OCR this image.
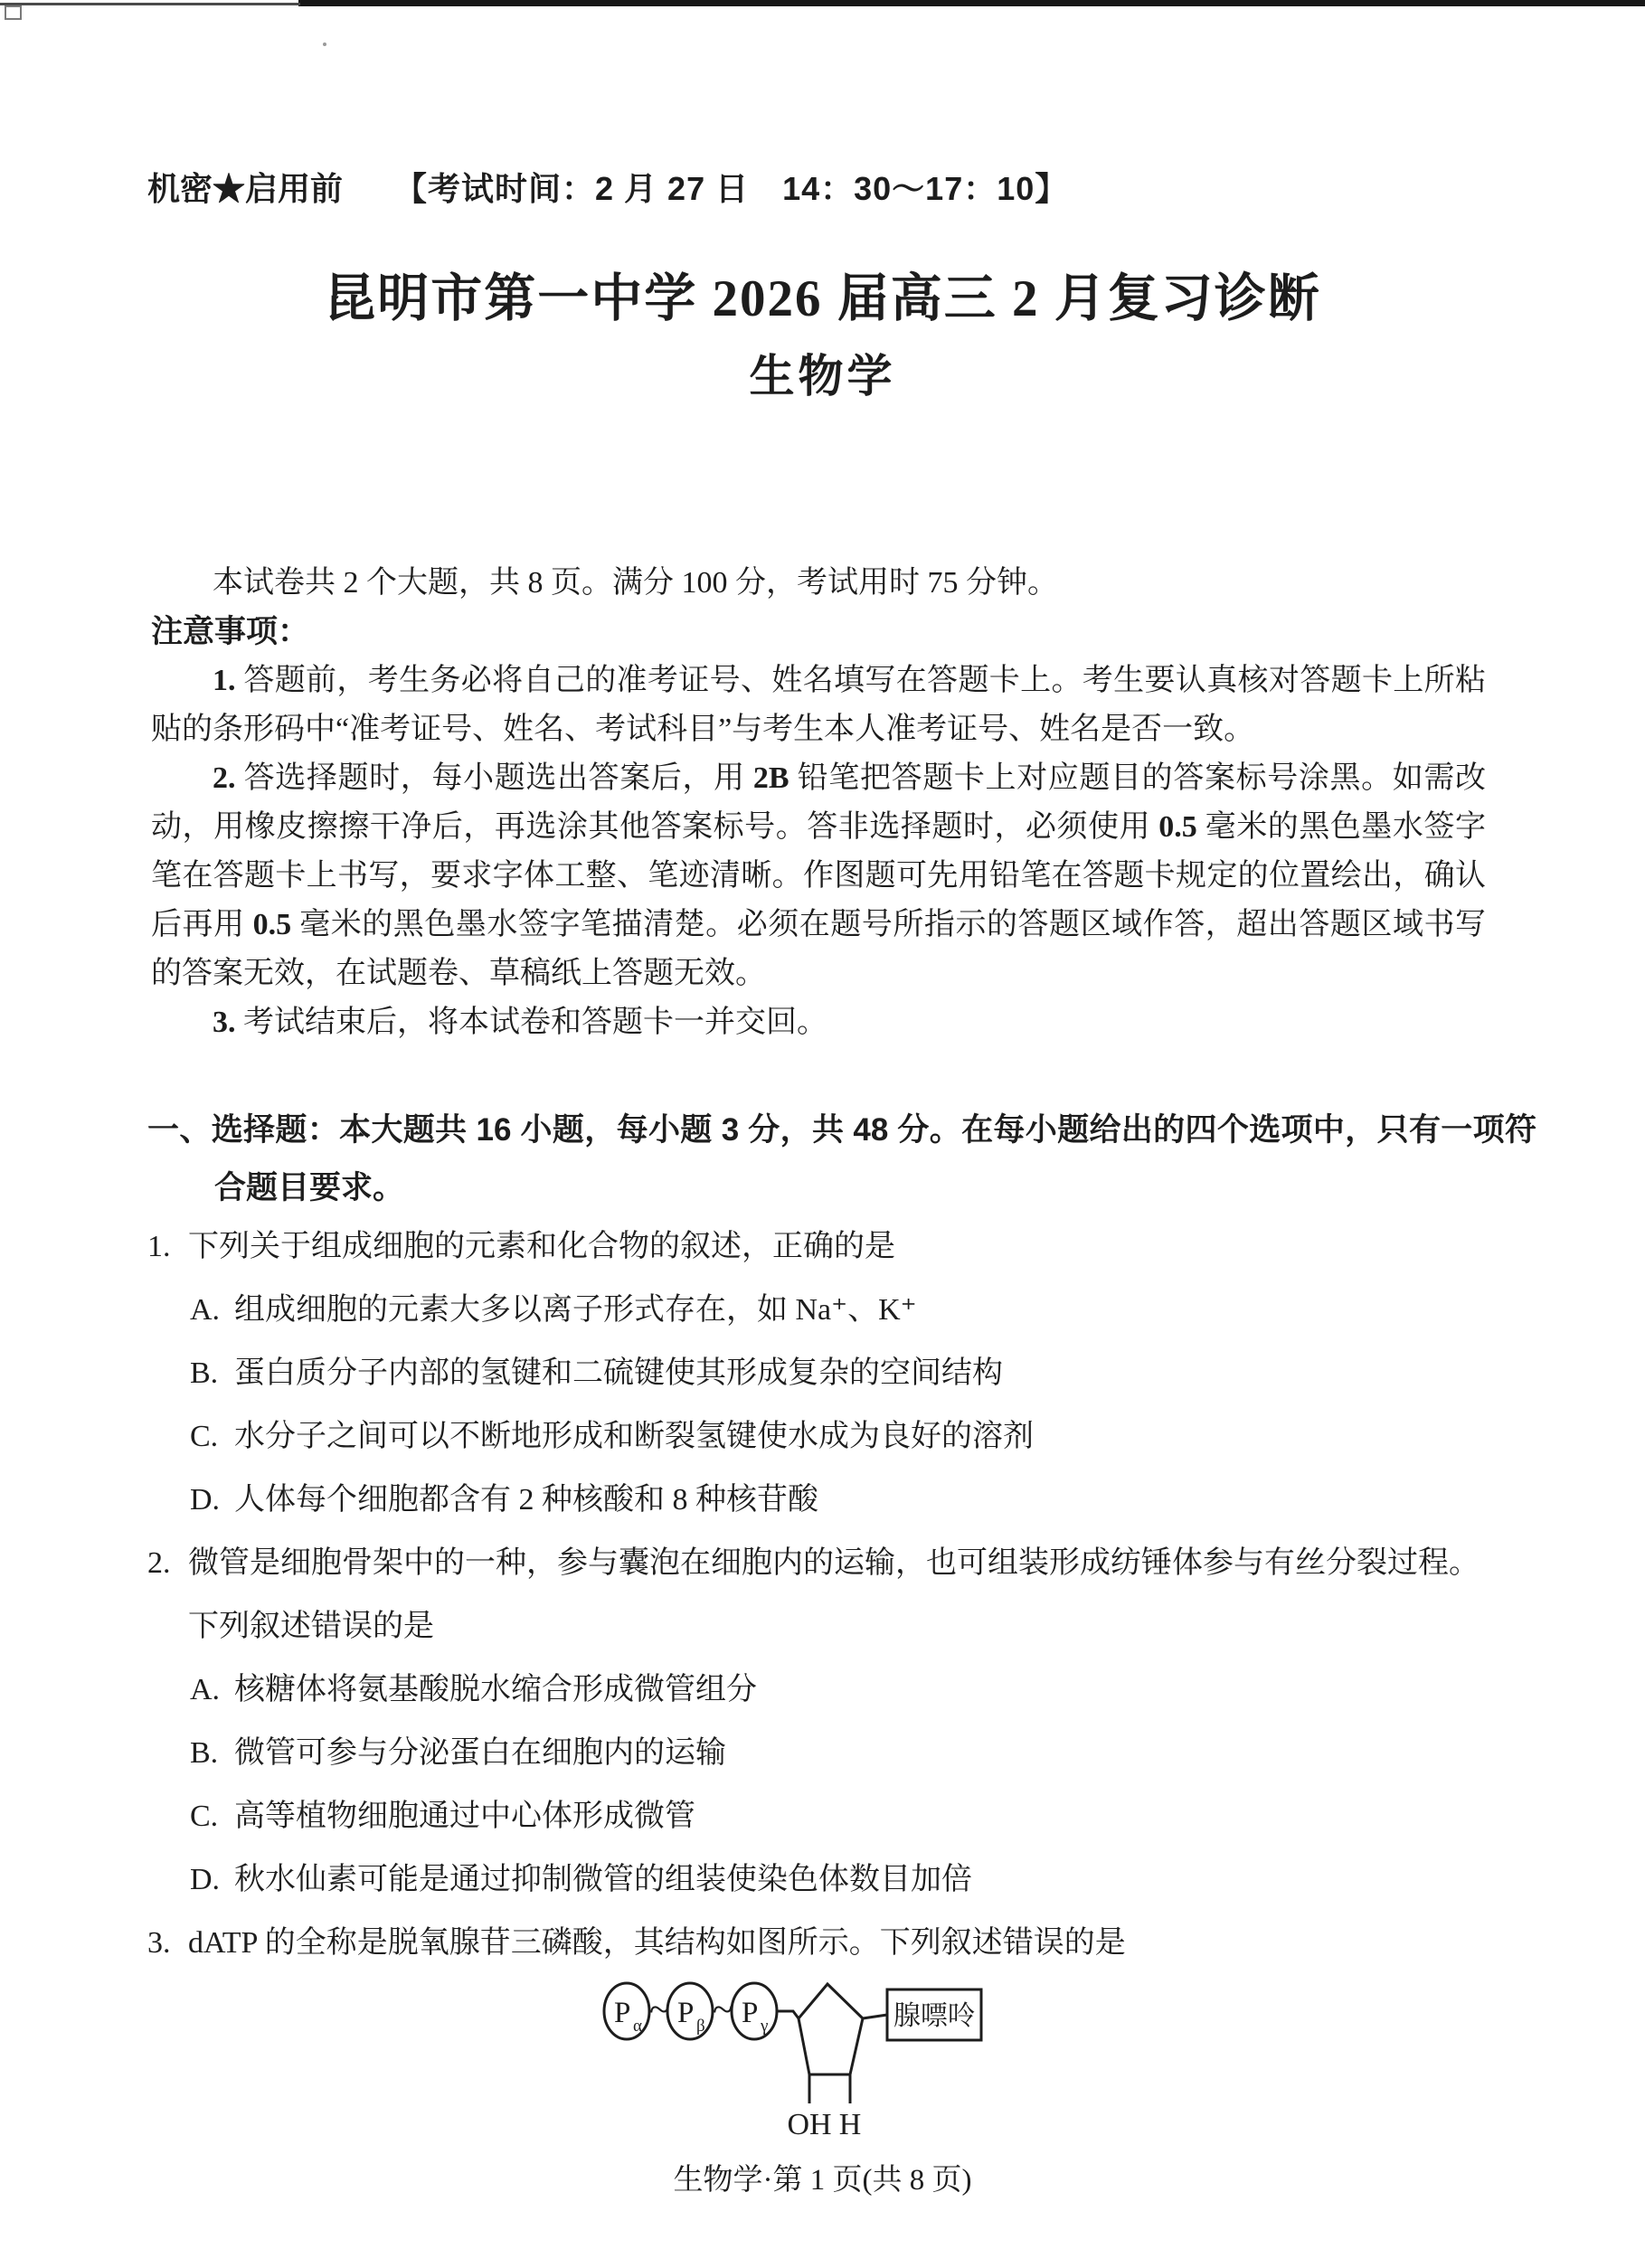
机密★启用前 【考试时间：2 月 27 日　14：30～17：10】
昆明市第一中学 2026 届高三 2 月复习诊断
生物学

本试卷共 2 个大题，共 8 页。满分 100 分，考试用时 75 分钟。

注意事项：

1. 答题前，考生务必将自己的准考证号、姓名填写在答题卡上。考生要认真核对答题卡上所粘贴的条形码中“准考证号、姓名、考试科目”与考生本人准考证号、姓名是否一致。

2. 答选择题时，每小题选出答案后，用 2B 铅笔把答题卡上对应题目的答案标号涂黑。如需改动，用橡皮擦擦干净后，再选涂其他答案标号。答非选择题时，必须使用 0.5 毫米的黑色墨水签字笔在答题卡上书写，要求字体工整、笔迹清晰。作图题可先用铅笔在答题卡规定的位置绘出，确认后再用 0.5 毫米的黑色墨水签字笔描清楚。必须在题号所指示的答题区域作答，超出答题区域书写的答案无效，在试题卷、草稿纸上答题无效。

3. 考试结束后，将本试卷和答题卡一并交回。

一、选择题：本大题共 16 小题，每小题 3 分，共 48 分。在每小题给出的四个选项中，只有一项符合题目要求。
1. 下列关于组成细胞的元素和化合物的叙述，正确的是
A. 组成细胞的元素大多以离子形式存在，如 Na⁺、K⁺
B. 蛋白质分子内部的氢键和二硫键使其形成复杂的空间结构
C. 水分子之间可以不断地形成和断裂氢键使水成为良好的溶剂
D. 人体每个细胞都含有 2 种核酸和 8 种核苷酸
2. 微管是细胞骨架中的一种，参与囊泡在细胞内的运输，也可组装形成纺锤体参与有丝分裂过程。下列叙述错误的是
A. 核糖体将氨基酸脱水缩合形成微管组分
B. 微管可参与分泌蛋白在细胞内的运输
C. 高等植物细胞通过中心体形成微管
D. 秋水仙素可能是通过抑制微管的组装使染色体数目加倍
3. dATP 的全称是脱氧腺苷三磷酸，其结构如图所示。下列叙述错误的是
P α P β P γ
~ ~	腺嘌呤
OH H
生物学·第 1 页(共 8 页)
